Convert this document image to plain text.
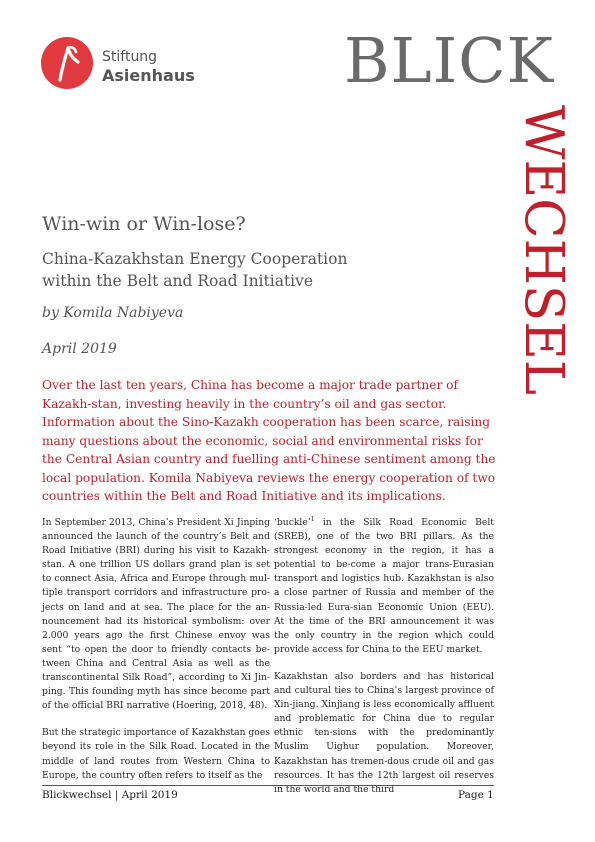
Stiftung
Asienhaus BLICK
WECHSEL
Win-win or Win-lose?
China-Kazakhstan Energy Cooperation
within the Belt and Road Initiative
by Komila Nabiyeva
April 2019

Over the last ten years, China has become a major trade partner of Kazakh-stan, investing heavily in the country’s oil and gas sector. Information about the Sino-Kazakh cooperation has been scarce, raising many questions about the economic, social and environmental risks for the Central Asian country and fuelling anti-Chinese sentiment among the local population. Komila Nabiyeva reviews the energy cooperation of two countries within the Belt and Road Initiative and its implications.

In September 2013, China’s President Xi Jinping announced the launch of the country’s Belt and Road Initiative (BRI) during his visit to Kazakh-stan. A one trillion US dollars grand plan is set to connect Asia, Africa and Europe through mul-tiple transport corridors and infrastructure pro-jects on land and at sea. The place for the an-nouncement had its historical symbolism: over 2.000 years ago the first Chinese envoy was sent “to open the door to friendly contacts be-tween China and Central Asia as well as the transcontinental Silk Road”, according to Xi Jin-ping. This founding myth has since become part of the official BRI narrative (Hoering, 2018, 48).

But the strategic importance of Kazakhstan goes beyond its role in the Silk Road. Located in the middle of land routes from Western China to Europe, the country often refers to itself as the

‘buckle’$^1$ in the Silk Road Economic Belt (SREB), one of the two BRI pillars. As the strongest economy in the region, it has a potential to be-come a major trans-Eurasian transport and logistics hub. Kazakhstan is also a close partner of Russia and member of the Russia-led Eura-sian Economic Union (EEU). At the time of the BRI announcement it was the only country in the region which could provide access for China to the EEU market.

Kazakhstan also borders and has historical and cultural ties to China’s largest province of Xin-jiang. Xinjiang is less economically affluent and problematic for China due to regular ethnic ten-sions with the predominantly Muslim Uighur population. Moreover, Kazakhstan has tremen-dous crude oil and gas resources. It has the 12th largest oil reserves in the world and the third

Blickwechsel | April 2019	Page 1
